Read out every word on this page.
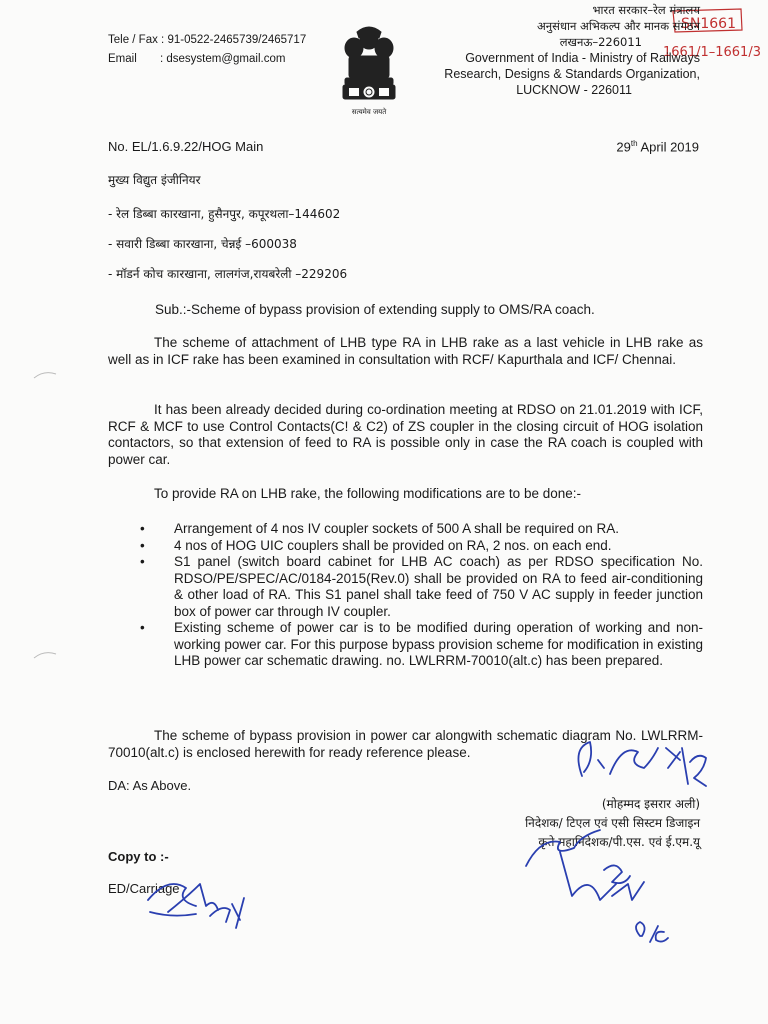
SN1661
1661/1–1661/3
Tele / Fax :
91-0522-2465739/2465717
Email	: dsesystem@gmail.com
सत्यमेव जयते
भारत सरकार–रेल मंत्रालय
अनुसंधान अभिकल्प और मानक संगठन
लखनऊ–226011
Government of India - Ministry of Railways
Research, Designs & Standards Organization,
LUCKNOW - 226011
No. EL/1.6.9.22/HOG Main	29th April 2019
मुख्य विद्युत इंजीनियर
- रेल डिब्बा कारखाना, हुसैनपुर, कपूरथला–144602
- सवारी डिब्बा कारखाना, चेन्नई –600038
- मॉडर्न कोच कारखाना, लालगंज,रायबरेली –229206
Sub.:-Scheme of bypass provision of extending supply to OMS/RA coach.
The scheme of attachment of LHB type RA in LHB rake as a last vehicle in LHB rake as well as in ICF rake has been examined in consultation with RCF/ Kapurthala and ICF/ Chennai.
It has been already decided during co-ordination meeting at RDSO on 21.01.2019 with ICF, RCF & MCF to use Control Contacts(C! & C2) of ZS coupler in the closing circuit of HOG isolation contactors, so that extension of feed to RA is possible only in case the RA coach is coupled with power car.
To provide RA on LHB rake, the following modifications are to be done:-
• Arrangement of 4 nos IV coupler sockets of 500 A shall be required on RA.
• 4 nos of HOG UIC couplers shall be provided on RA, 2 nos. on each end.
• S1 panel (switch board cabinet for LHB AC coach) as per RDSO specification No. RDSO/PE/SPEC/AC/0184-2015(Rev.0) shall be provided on RA to feed air-conditioning & other load of RA. This S1 panel shall take feed of 750 V AC supply in feeder junction box of power car through IV coupler.
• Existing scheme of power car is to be modified during operation of working and non-working power car. For this purpose bypass provision scheme for modification in existing LHB power car schematic drawing. no. LWLRRM-70010(alt.c) has been prepared.
The scheme of bypass provision in power car alongwith schematic diagram No. LWLRRM-70010(alt.c) is enclosed herewith for ready reference please.
DA: As Above.
(मोहम्मद इसरार अली)
निदेशक/ टिएल एवं एसी सिस्टम डिजाइन
कृते महानिदेशक/पी.एस. एवं ई.एम.यू
Copy to :-
ED/Carriage
